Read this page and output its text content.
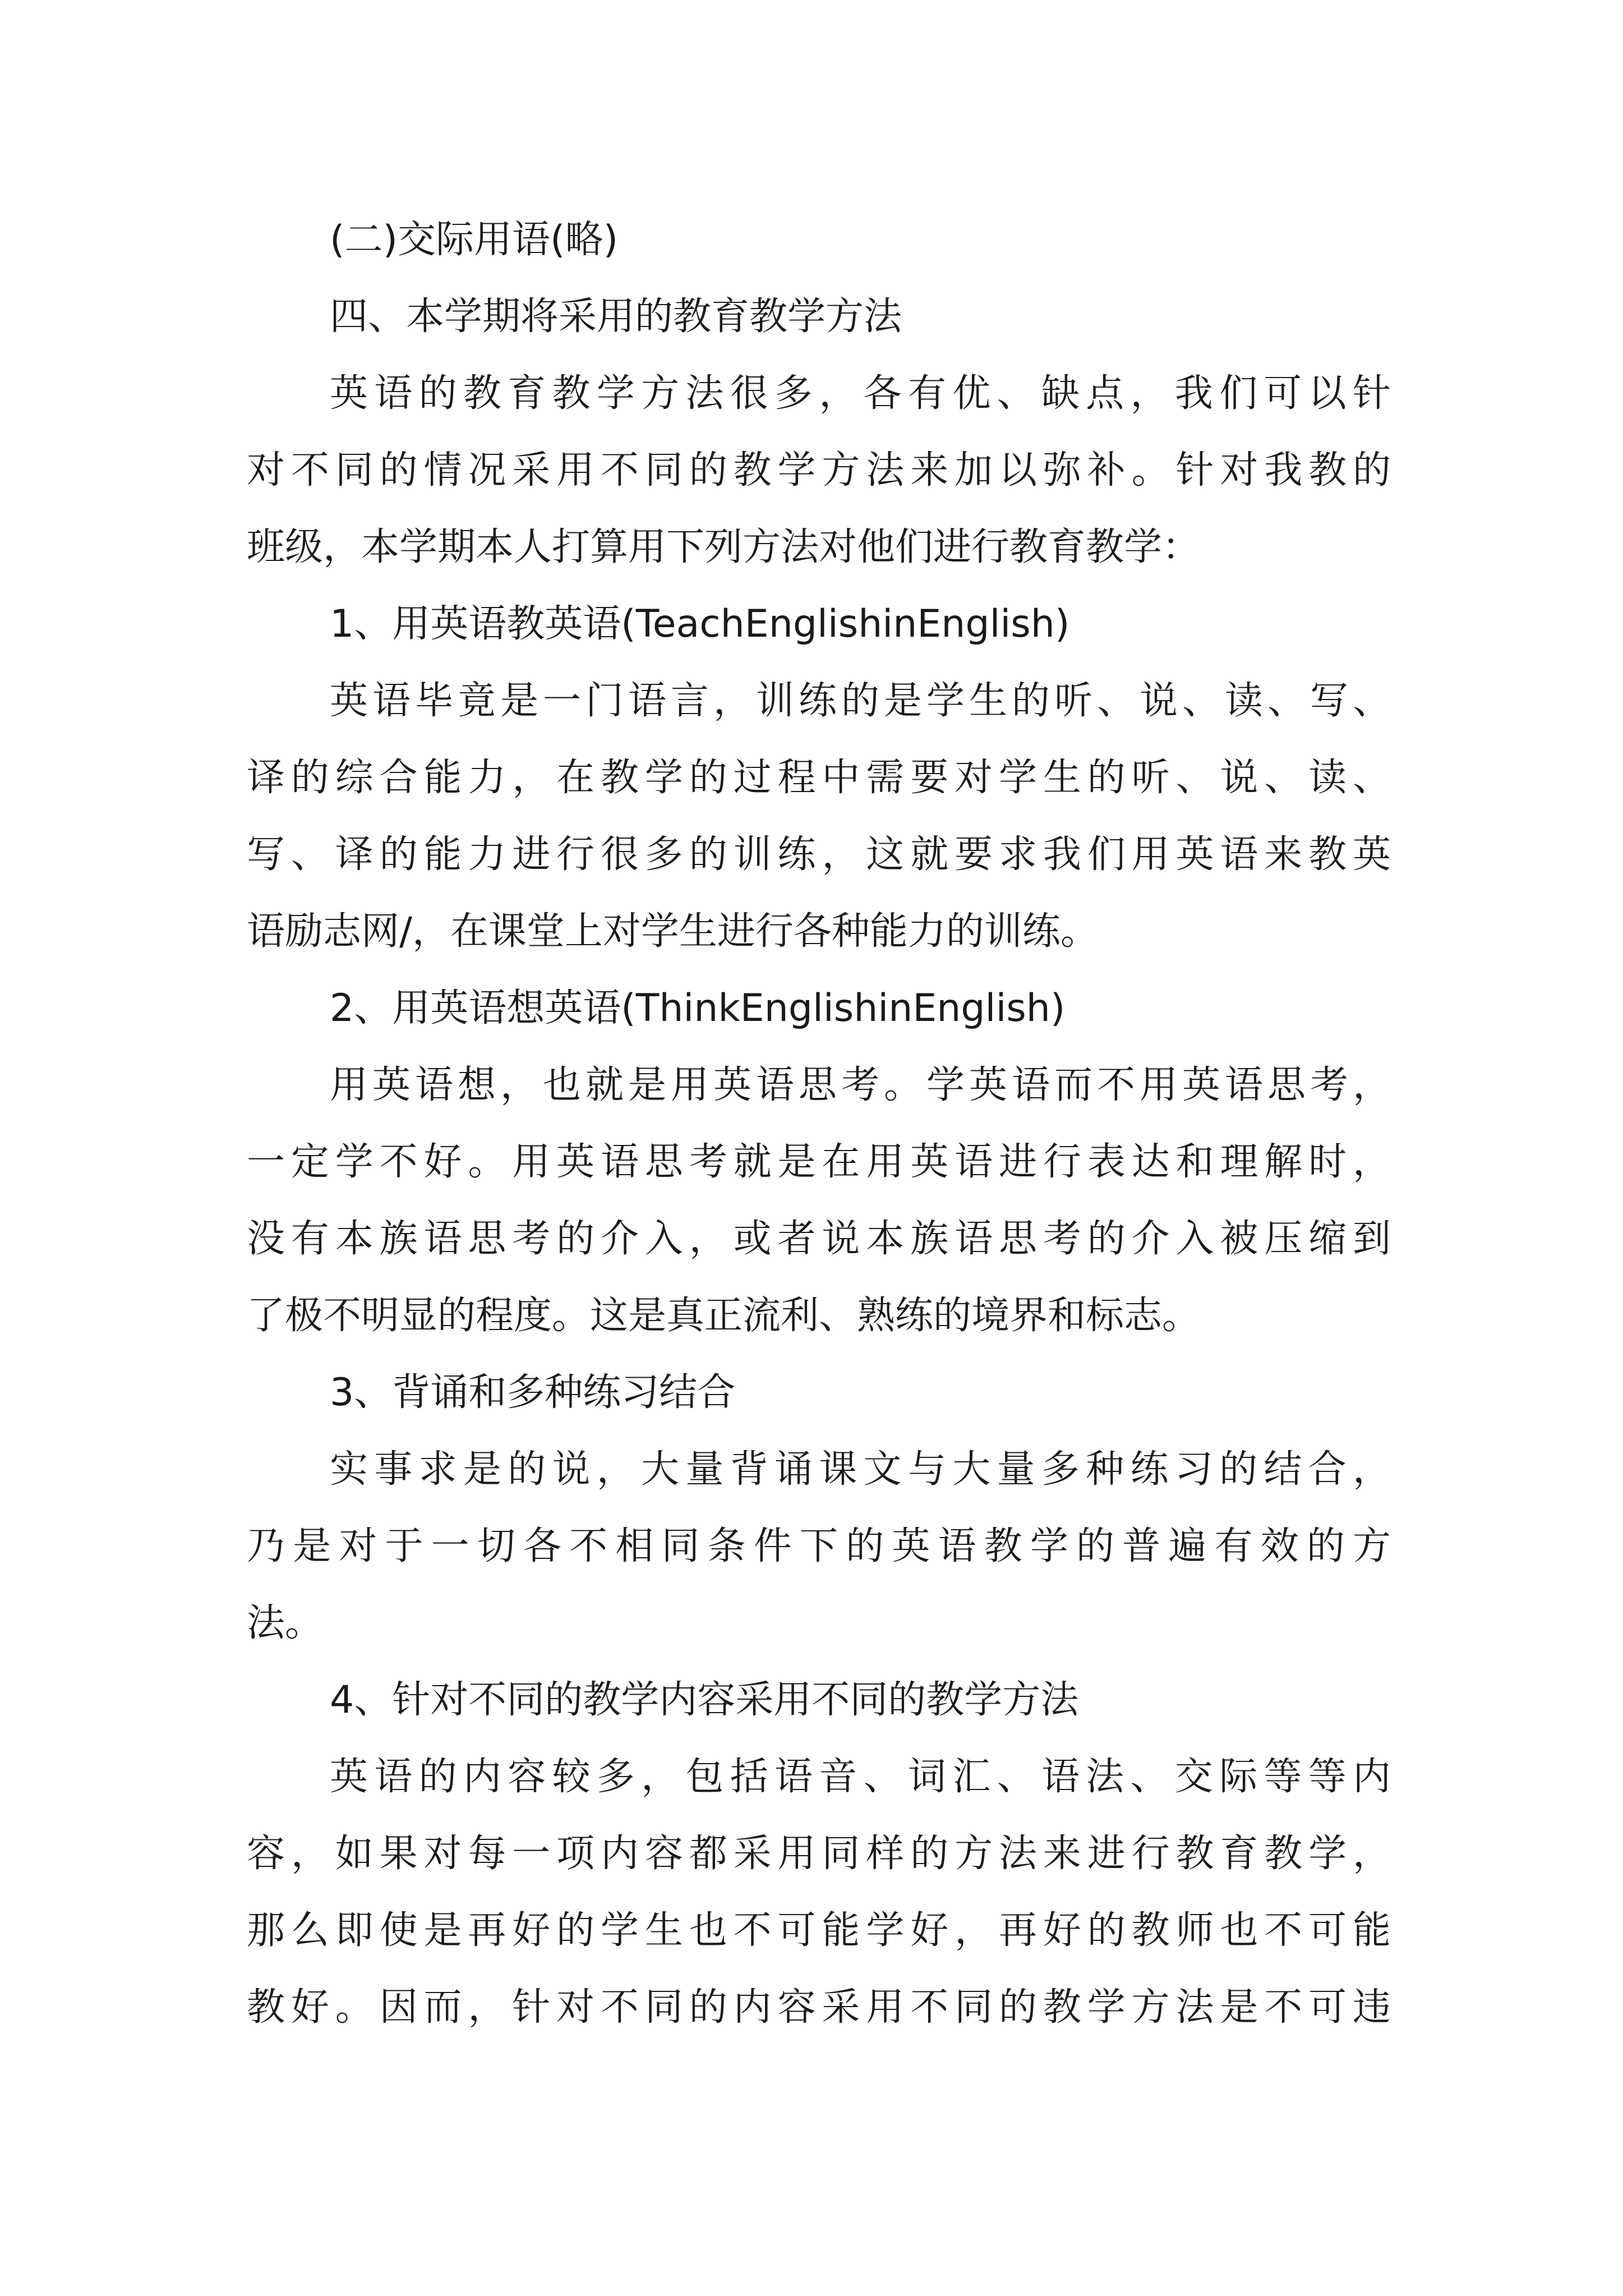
(二)交际用语(略)
四、本学期将采用的教育教学方法
英语的教育教学方法很多，各有优、缺点，我们可以针
对不同的情况采用不同的教学方法来加以弥补。针对我教的
班级，本学期本人打算用下列方法对他们进行教育教学：
1、用英语教英语(TeachEnglishinEnglish)
英语毕竟是一门语言，训练的是学生的听、说、读、写、
译的综合能力，在教学的过程中需要对学生的听、说、读、
写、译的能力进行很多的训练，这就要求我们用英语来教英
语励志网/，在课堂上对学生进行各种能力的训练。
2、用英语想英语(ThinkEnglishinEnglish)
用英语想，也就是用英语思考。学英语而不用英语思考，
一定学不好。用英语思考就是在用英语进行表达和理解时，
没有本族语思考的介入，或者说本族语思考的介入被压缩到
了极不明显的程度。这是真正流利、熟练的境界和标志。
3、背诵和多种练习结合
实事求是的说，大量背诵课文与大量多种练习的结合，
乃是对于一切各不相同条件下的英语教学的普遍有效的方
法。
4、针对不同的教学内容采用不同的教学方法
英语的内容较多，包括语音、词汇、语法、交际等等内
容，如果对每一项内容都采用同样的方法来进行教育教学，
那么即使是再好的学生也不可能学好，再好的教师也不可能
教好。因而，针对不同的内容采用不同的教学方法是不可违
